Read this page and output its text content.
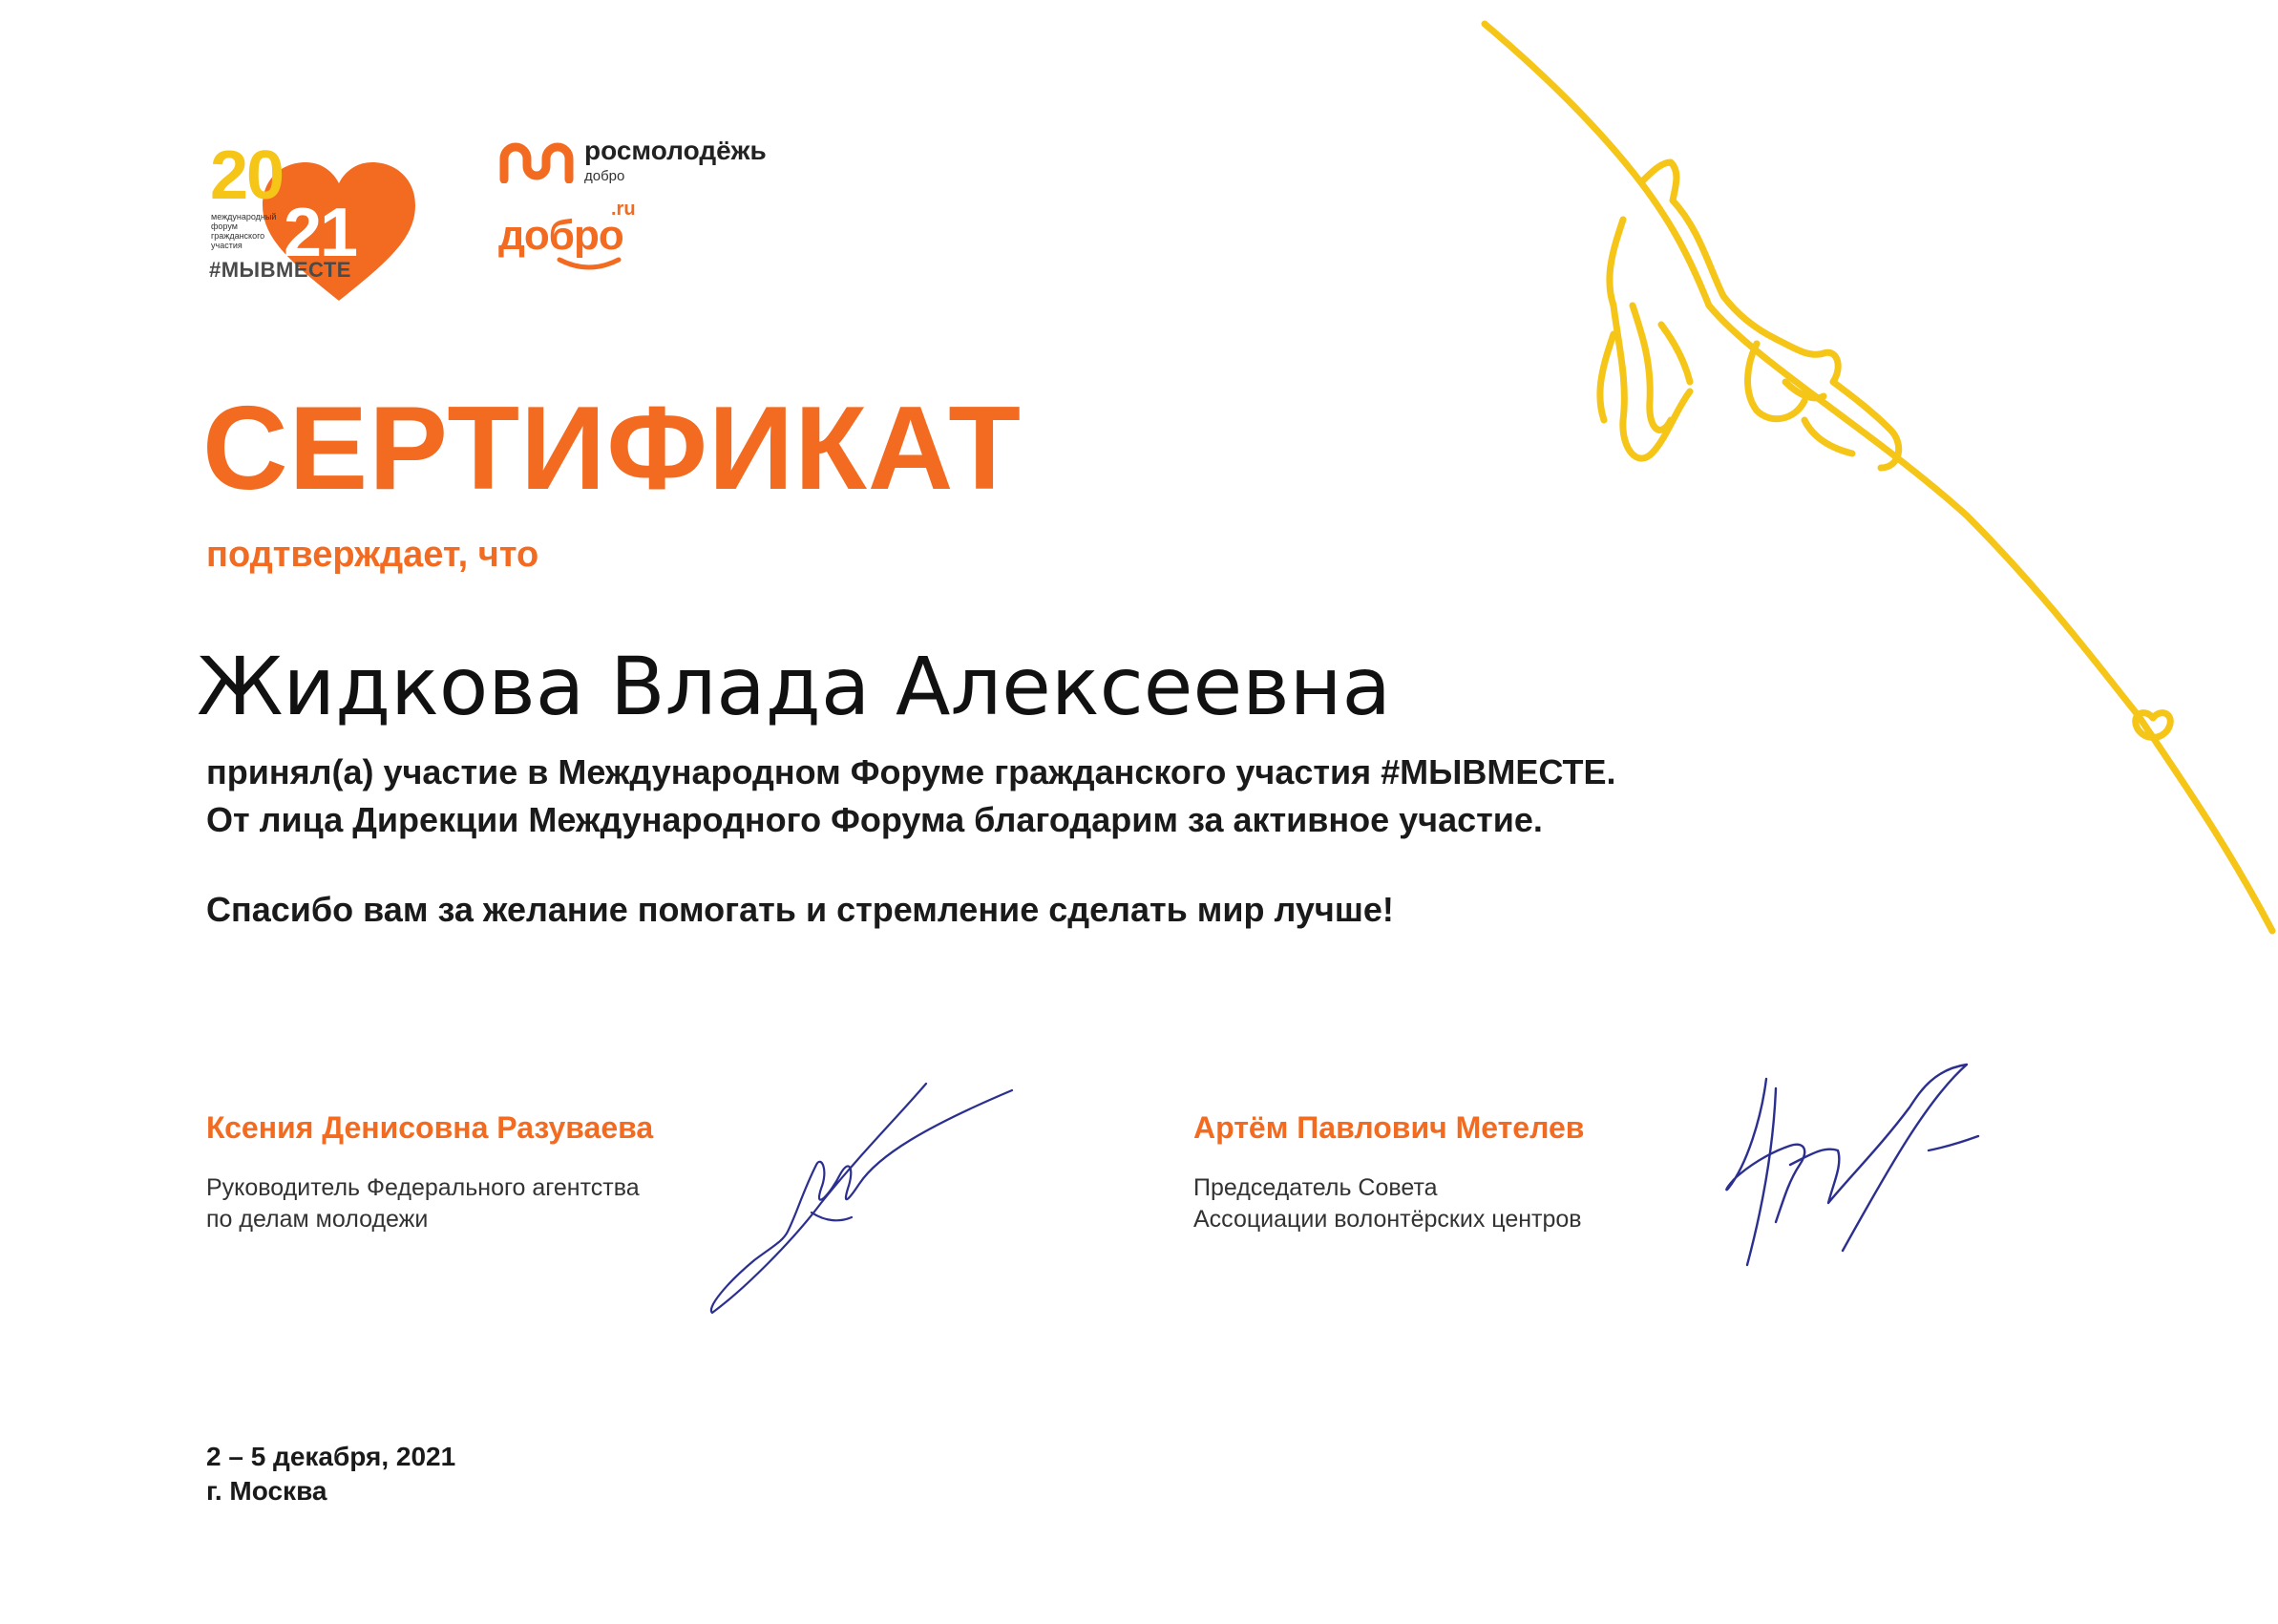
20
21
международный форум гражданского участия
#МЫВМЕСТЕ
росмолодёжь
добро
добро
.ru
СЕРТИФИКАТ
подтверждает, что
Жидкова Влада Алексеевна
принял(а) участие в Международном Форуме гражданского участия #МЫВМЕСТЕ.
От лица Дирекции Международного Форума благодарим за активное участие.
Спасибо вам за желание помогать и стремление сделать мир лучше!
Ксения Денисовна Разуваева
Руководитель Федерального агентства
по делам молодежи
Артём Павлович Метелев
Председатель Совета
Ассоциации волонтёрских центров
2 – 5 декабря, 2021
г. Москва
